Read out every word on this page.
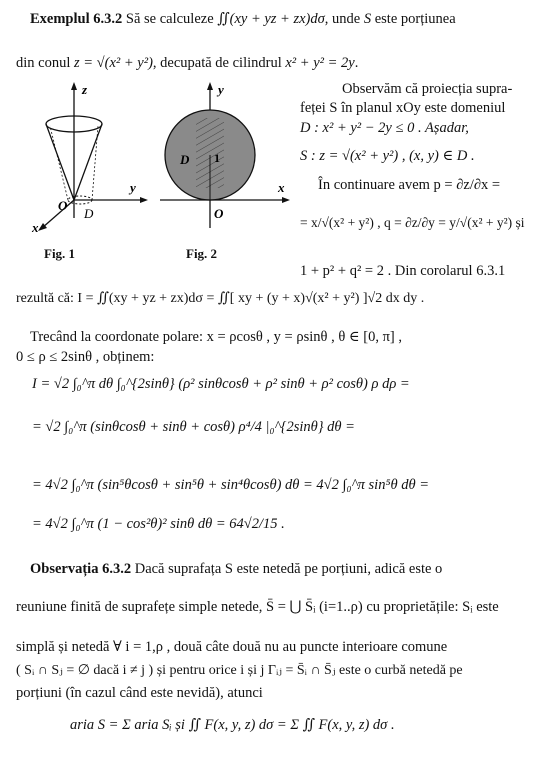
Exemplul 6.3.2 Să se calculeze ∬(xy + yz + zx)dσ, unde S este porțiunea
din conul z = √(x² + y²), decupată de cilindrul x² + y² = 2y.
z
y
x
O
D
Fig. 1
D 1
y
x
O
Fig. 2
Observăm că proiecția supra-
feței S în planul xOy este domeniul
D : x² + y² − 2y ≤ 0 . Așadar,
S : z = √(x² + y²) , (x, y) ∈ D .
În continuare avem p = ∂z/∂x =
= x/√(x² + y²) , q = ∂z/∂y = y/√(x² + y²) și
1 + p² + q² = 2 . Din corolarul 6.3.1
rezultă că: I = ∬(xy + yz + zx)dσ = ∬[ xy + (y + x)√(x² + y²) ]√2 dx dy .
Trecând la coordonate polare: x = ρcosθ , y = ρsinθ , θ ∈ [0, π] ,
0 ≤ ρ ≤ 2sinθ , obținem:
I = √2 ∫₀^π dθ ∫₀^{2sinθ} (ρ² sinθcosθ + ρ² sinθ + ρ² cosθ) ρ dρ =
= √2 ∫₀^π (sinθcosθ + sinθ + cosθ) ρ⁴/4 |₀^{2sinθ} dθ =
= 4√2 ∫₀^π (sin⁵θcosθ + sin⁵θ + sin⁴θcosθ) dθ = 4√2 ∫₀^π sin⁵θ dθ =
= 4√2 ∫₀^π (1 − cos²θ)² sinθ dθ = 64√2/15 .
Observația 6.3.2 Dacă suprafața S este netedă pe porțiuni, adică este o
reuniune finită de suprafețe simple netede, S̄ = ⋃ S̄ᵢ (i=1..ρ) cu proprietățile: Sᵢ este
simplă și netedă ∀ i = 1,ρ , două câte două nu au puncte interioare comune
( Sᵢ ∩ Sⱼ = ∅ dacă i ≠ j ) și pentru orice i și j Γᵢⱼ = S̄ᵢ ∩ S̄ⱼ este o curbă netedă pe
porțiuni (în cazul când este nevidă), atunci
aria S = Σ aria Sᵢ și ∬ F(x, y, z) dσ = Σ ∬ F(x, y, z) dσ .
